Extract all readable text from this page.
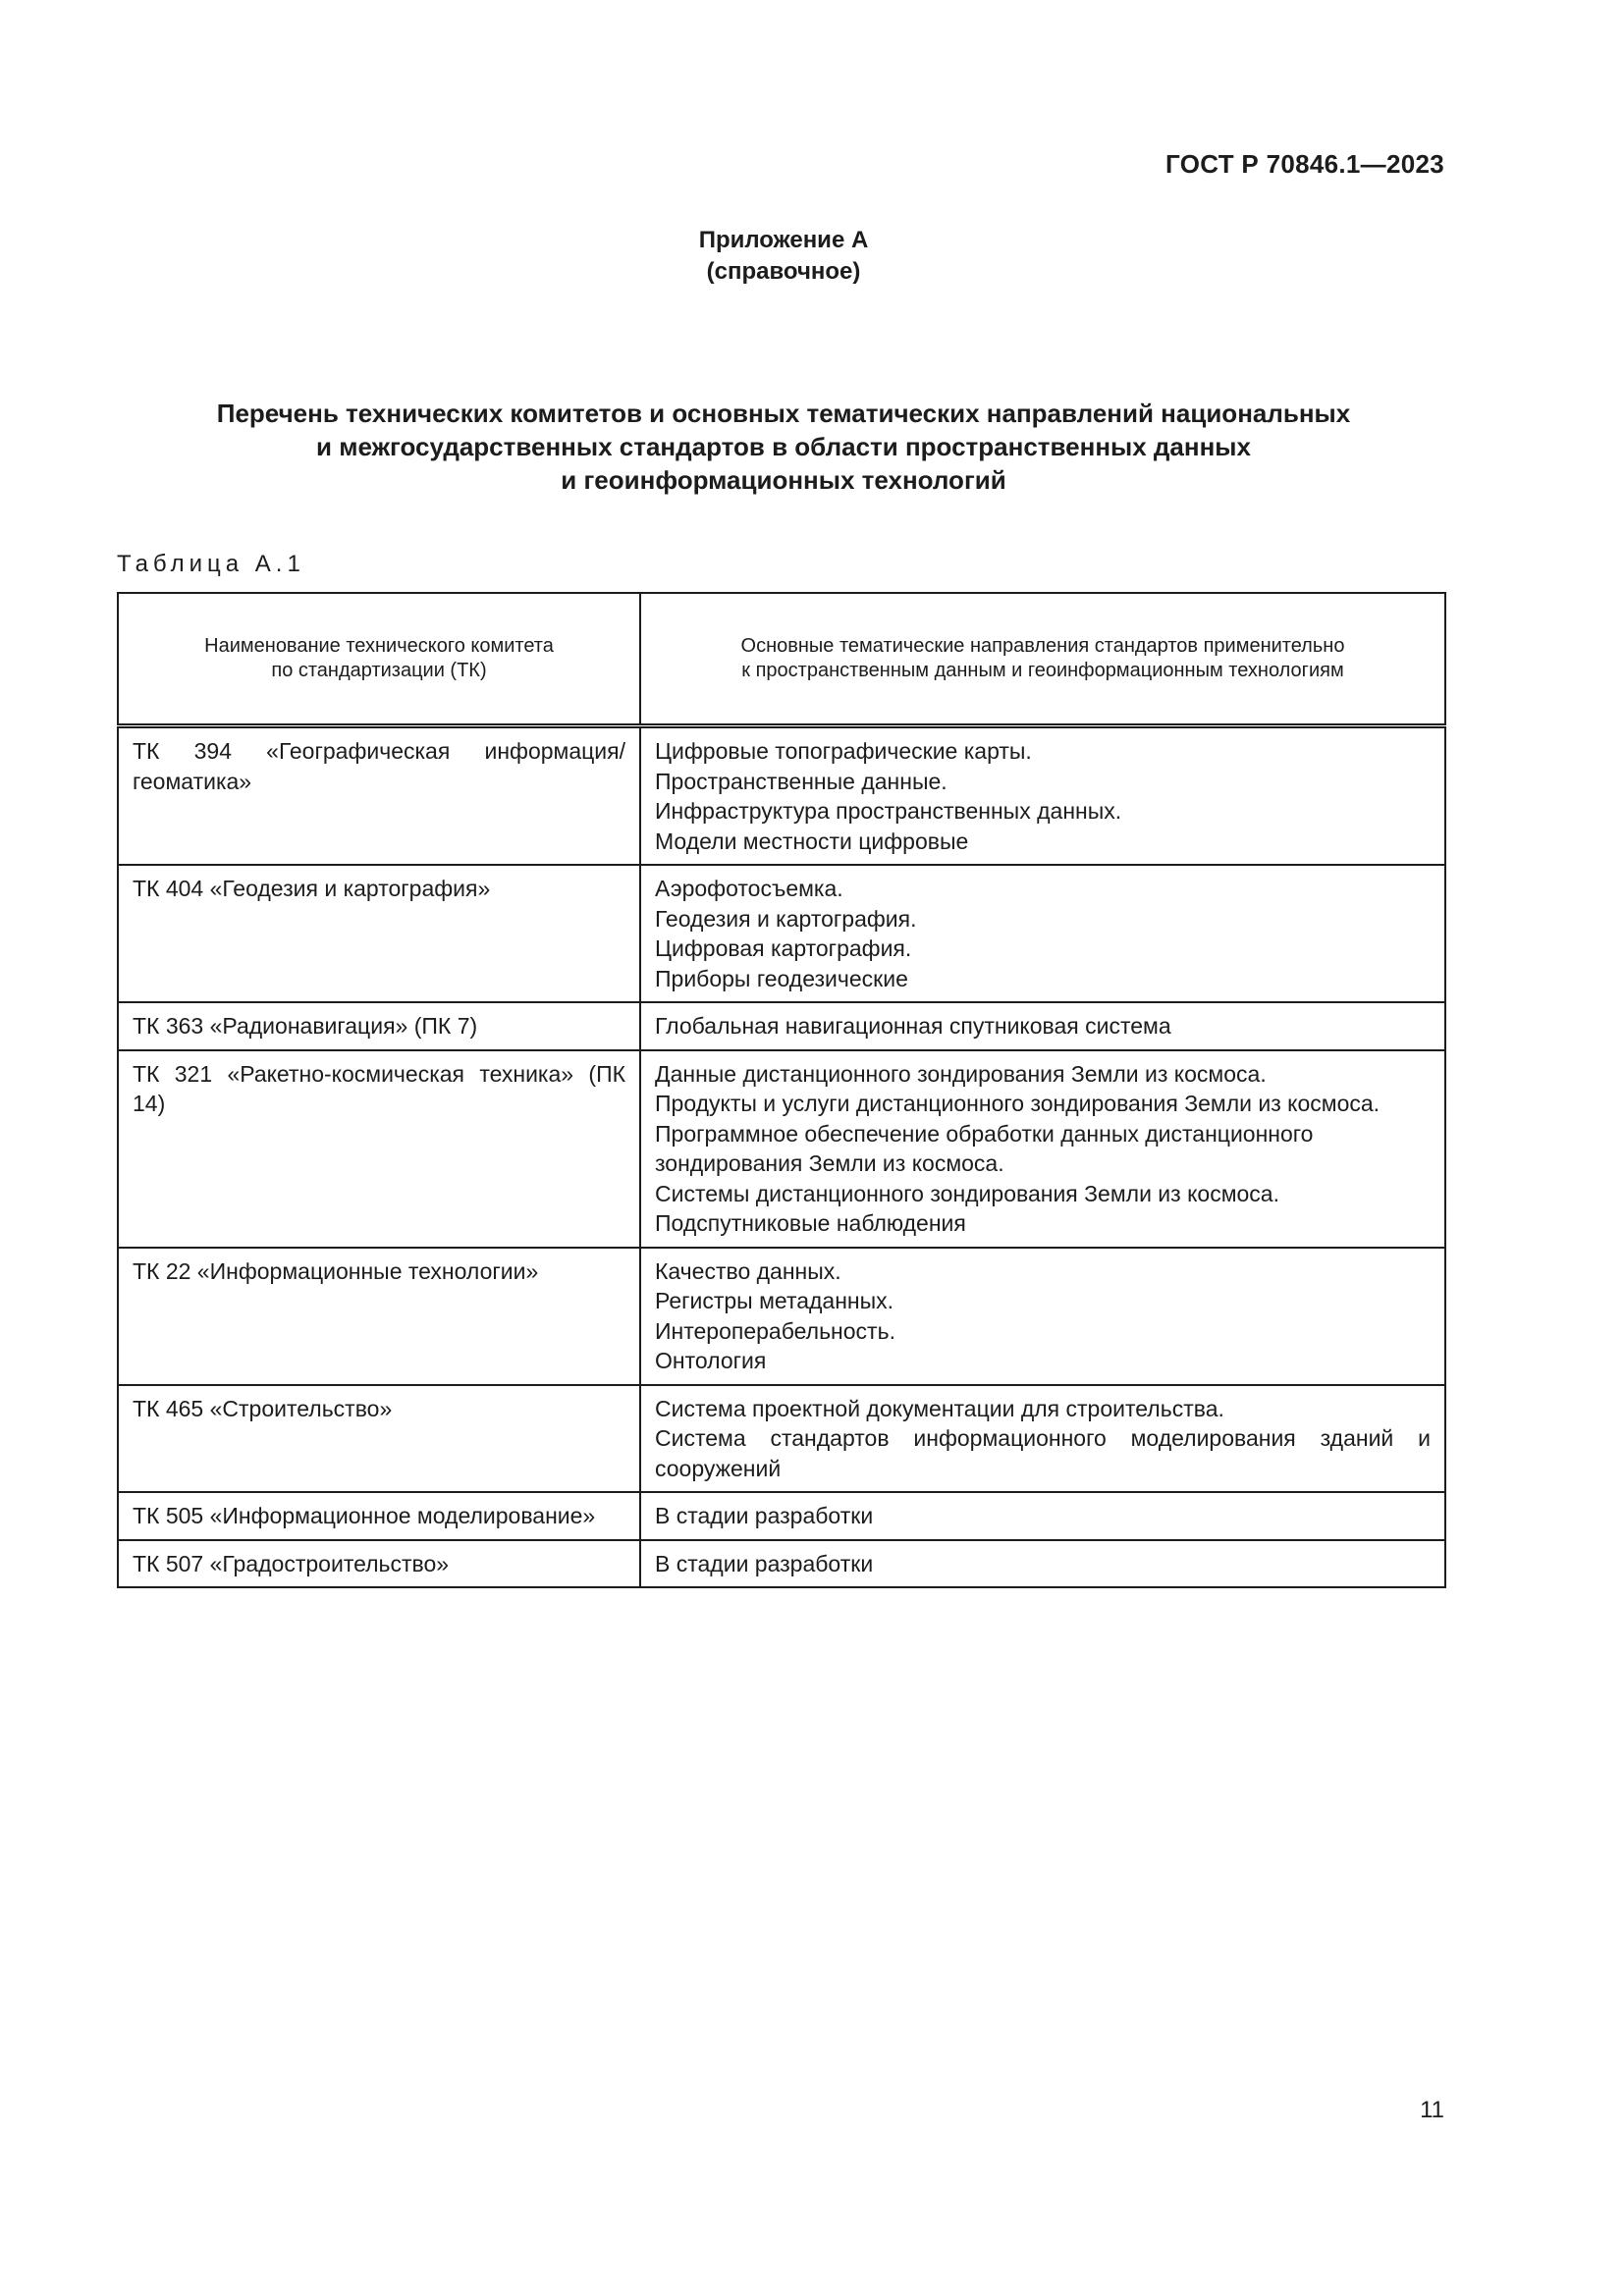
ГОСТ Р 70846.1—2023
Приложение А
(справочное)
Перечень технических комитетов и основных тематических направлений национальных
и межгосударственных стандартов в области пространственных данных
и геоинформационных технологий
Таблица А.1
Наименование технического комитета
по стандартизации (ТК)	Основные тематические направления стандартов применительно
к пространственным данным и геоинформационным технологиям

ТК 394 «Географическая информация/геоматика»	Цифровые топографические карты.
Пространственные данные.
Инфраструктура пространственных данных.
Модели местности цифровые

ТК 404 «Геодезия и картография»	Аэрофотосъемка.
Геодезия и картография.
Цифровая картография.
Приборы геодезические

ТК 363 «Радионавигация» (ПК 7)	Глобальная навигационная спутниковая система

ТК 321 «Ракетно-космическая техника» (ПК 14)	Данные дистанционного зондирования Земли из космоса.
Продукты и услуги дистанционного зондирования Земли из космоса.
Программное обеспечение обработки данных дистанционного зондирования Земли из космоса.
Системы дистанционного зондирования Земли из космоса.
Подспутниковые наблюдения

ТК 22 «Информационные технологии»	Качество данных.
Регистры метаданных.
Интероперабельность.
Онтология

ТК 465 «Строительство»	Система проектной документации для строительства.
Система стандартов информационного моделирования зданий и сооружений

ТК 505 «Информационное моделирование»	В стадии разработки

ТК 507 «Градостроительство»	В стадии разработки
11
